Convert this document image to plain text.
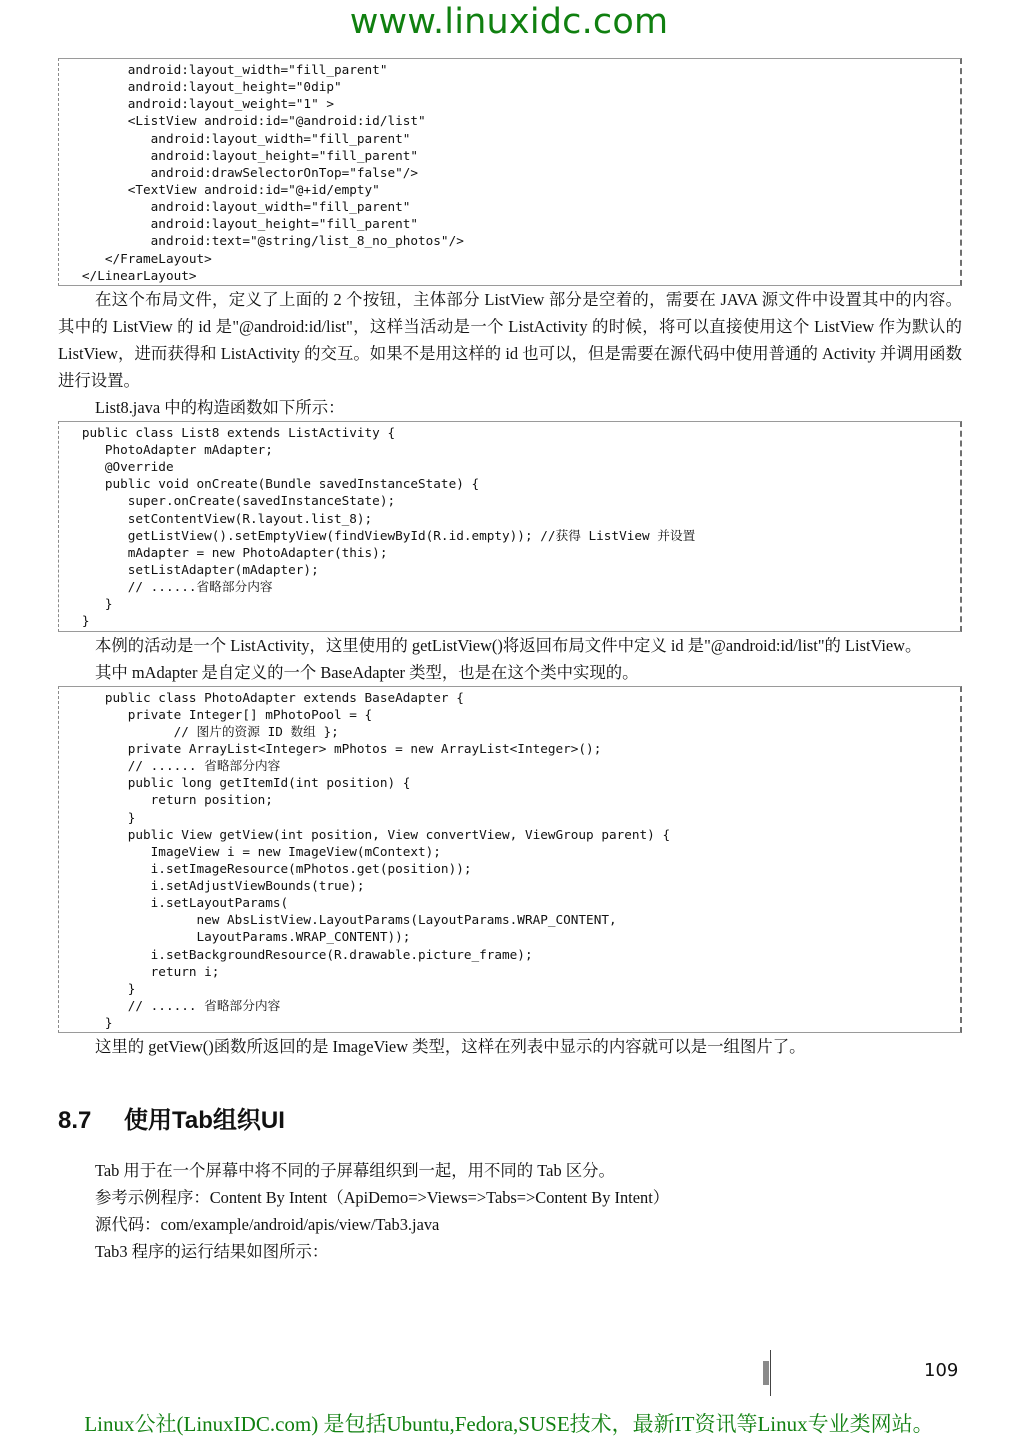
www.linuxidc.com
android:layout_width="fill_parent"
android:layout_height="0dip"
android:layout_weight="1" >
<ListView android:id="@android:id/list"
android:layout_width="fill_parent"
android:layout_height="fill_parent"
android:drawSelectorOnTop="false"/>
<TextView android:id="@+id/empty"
android:layout_width="fill_parent"
android:layout_height="fill_parent"
android:text="@string/list_8_no_photos"/>
</FrameLayout>
</LinearLayout>

在这个布局文件，定义了上面的 2 个按钮，主体部分 ListView 部分是空着的，需要在 JAVA 源文件中设置其中的内容。其中的 ListView 的 id 是"@android:id/list"，这样当活动是一个 ListActivity 的时候，将可以直接使用这个 ListView 作为默认的 ListView，进而获得和 ListActivity 的交互。如果不是用这样的 id 也可以，但是需要在源代码中使用普通的 Activity 并调用函数进行设置。

List8.java 中的构造函数如下所示：

public class List8 extends ListActivity {
PhotoAdapter mAdapter;
@Override
public void onCreate(Bundle savedInstanceState) {
super.onCreate(savedInstanceState);
setContentView(R.layout.list_8);
getListView().setEmptyView(findViewById(R.id.empty)); //获得 ListView 并设置
mAdapter = new PhotoAdapter(this);
setListAdapter(mAdapter);
// ......省略部分内容
}
}

本例的活动是一个 ListActivity，这里使用的 getListView()将返回布局文件中定义 id 是"@android:id/list"的 ListView。

其中 mAdapter 是自定义的一个 BaseAdapter 类型，也是在这个类中实现的。

public class PhotoAdapter extends BaseAdapter {
private Integer[] mPhotoPool = {
// 图片的资源 ID 数组 };
private ArrayList<Integer> mPhotos = new ArrayList<Integer>();
// ...... 省略部分内容
public long getItemId(int position) {
return position;
}
public View getView(int position, View convertView, ViewGroup parent) {
ImageView i = new ImageView(mContext);
i.setImageResource(mPhotos.get(position));
i.setAdjustViewBounds(true);
i.setLayoutParams(
new AbsListView.LayoutParams(LayoutParams.WRAP_CONTENT,
LayoutParams.WRAP_CONTENT));
i.setBackgroundResource(R.drawable.picture_frame);
return i;
}
// ...... 省略部分内容
}

这里的 getView()函数所返回的是 ImageView 类型，这样在列表中显示的内容就可以是一组图片了。

8.7 使用Tab组织UI

Tab 用于在一个屏幕中将不同的子屏幕组织到一起，用不同的 Tab 区分。

参考示例程序：Content By Intent（ApiDemo=>Views=>Tabs=>Content By Intent）

源代码：com/example/android/apis/view/Tab3.java

Tab3 程序的运行结果如图所示：

109
Linux公社(LinuxIDC.com) 是包括Ubuntu,Fedora,SUSE技术，最新IT资讯等Linux专业类网站。
